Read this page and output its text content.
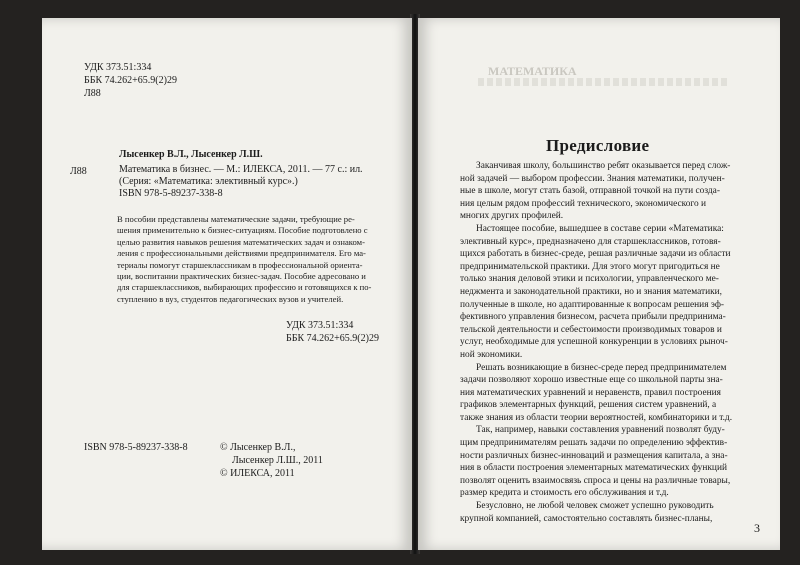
УДК 373.51:334
ББК 74.262+65.9(2)29
Л88
Л88
Лысенкер В.Л., Лысенкер Л.Ш.
Математика в бизнес. — М.: ИЛЕКСА, 2011. — 77 с.: ил.
(Серия: «Математика: элективный курс».)
ISBN 978-5-89237-338-8
В пособии представлены математические задачи, требующие ре-
шения применительно к бизнес-ситуациям. Пособие подготовлено с
целью развития навыков решения математических задач и ознаком-
ления с профессиональными действиями предпринимателя. Его ма-
териалы помогут старшеклассникам в профессиональной ориента-
ции, воспитании практических бизнес-задач. Пособие адресовано и
для старшеклассников, выбирающих профессию и готовящихся к по-
ступлению в вуз, студентов педагогических вузов и учителей.
УДК 373.51:334
ББК 74.262+65.9(2)29
ISBN 978-5-89237-338-8	© Лысенкер В.Л.,
Лысенкер Л.Ш., 2011
© ИЛЕКСА, 2011
МАТЕМАТИКА
Предисловие
Заканчивая школу, большинство ребят оказывается перед слож-
ной задачей — выбором профессии. Знания математики, получен-
ные в школе, могут стать базой, отправной точкой на пути созда-
ния целым рядом профессий технического, экономического и
многих других профилей.
Настоящее пособие, вышедшее в составе серии «Математика:
элективный курс», предназначено для старшеклассников, готовя-
щихся работать в бизнес-среде, решая различные задачи из области
предпринимательской практики. Для этого могут пригодиться не
только знания деловой этики и психологии, управленческого ме-
неджмента и законодательной практики, но и знания математики,
полученные в школе, но адаптированные к вопросам решения эф-
фективного управления бизнесом, расчета прибыли предпринима-
тельской деятельности и себестоимости производимых товаров и
услуг, необходимые для успешной конкуренции в условиях рыноч-
ной экономики.
Решать возникающие в бизнес-среде перед предпринимателем
задачи позволяют хорошо известные еще со школьной парты зна-
ния математических уравнений и неравенств, правил построения
графиков элементарных функций, решения систем уравнений, а
также знания из области теории вероятностей, комбинаторики и т.д.
Так, например, навыки составления уравнений позволят буду-
щим предпринимателям решать задачи по определению эффектив-
ности различных бизнес-инноваций и размещения капитала, а зна-
ния в области построения элементарных математических функций
позволят оценить взаимосвязь спроса и цены на различные товары,
размер кредита и стоимость его обслуживания и т.д.
Безусловно, не любой человек сможет успешно руководить
крупной компанией, самостоятельно составлять бизнес-планы,
3
